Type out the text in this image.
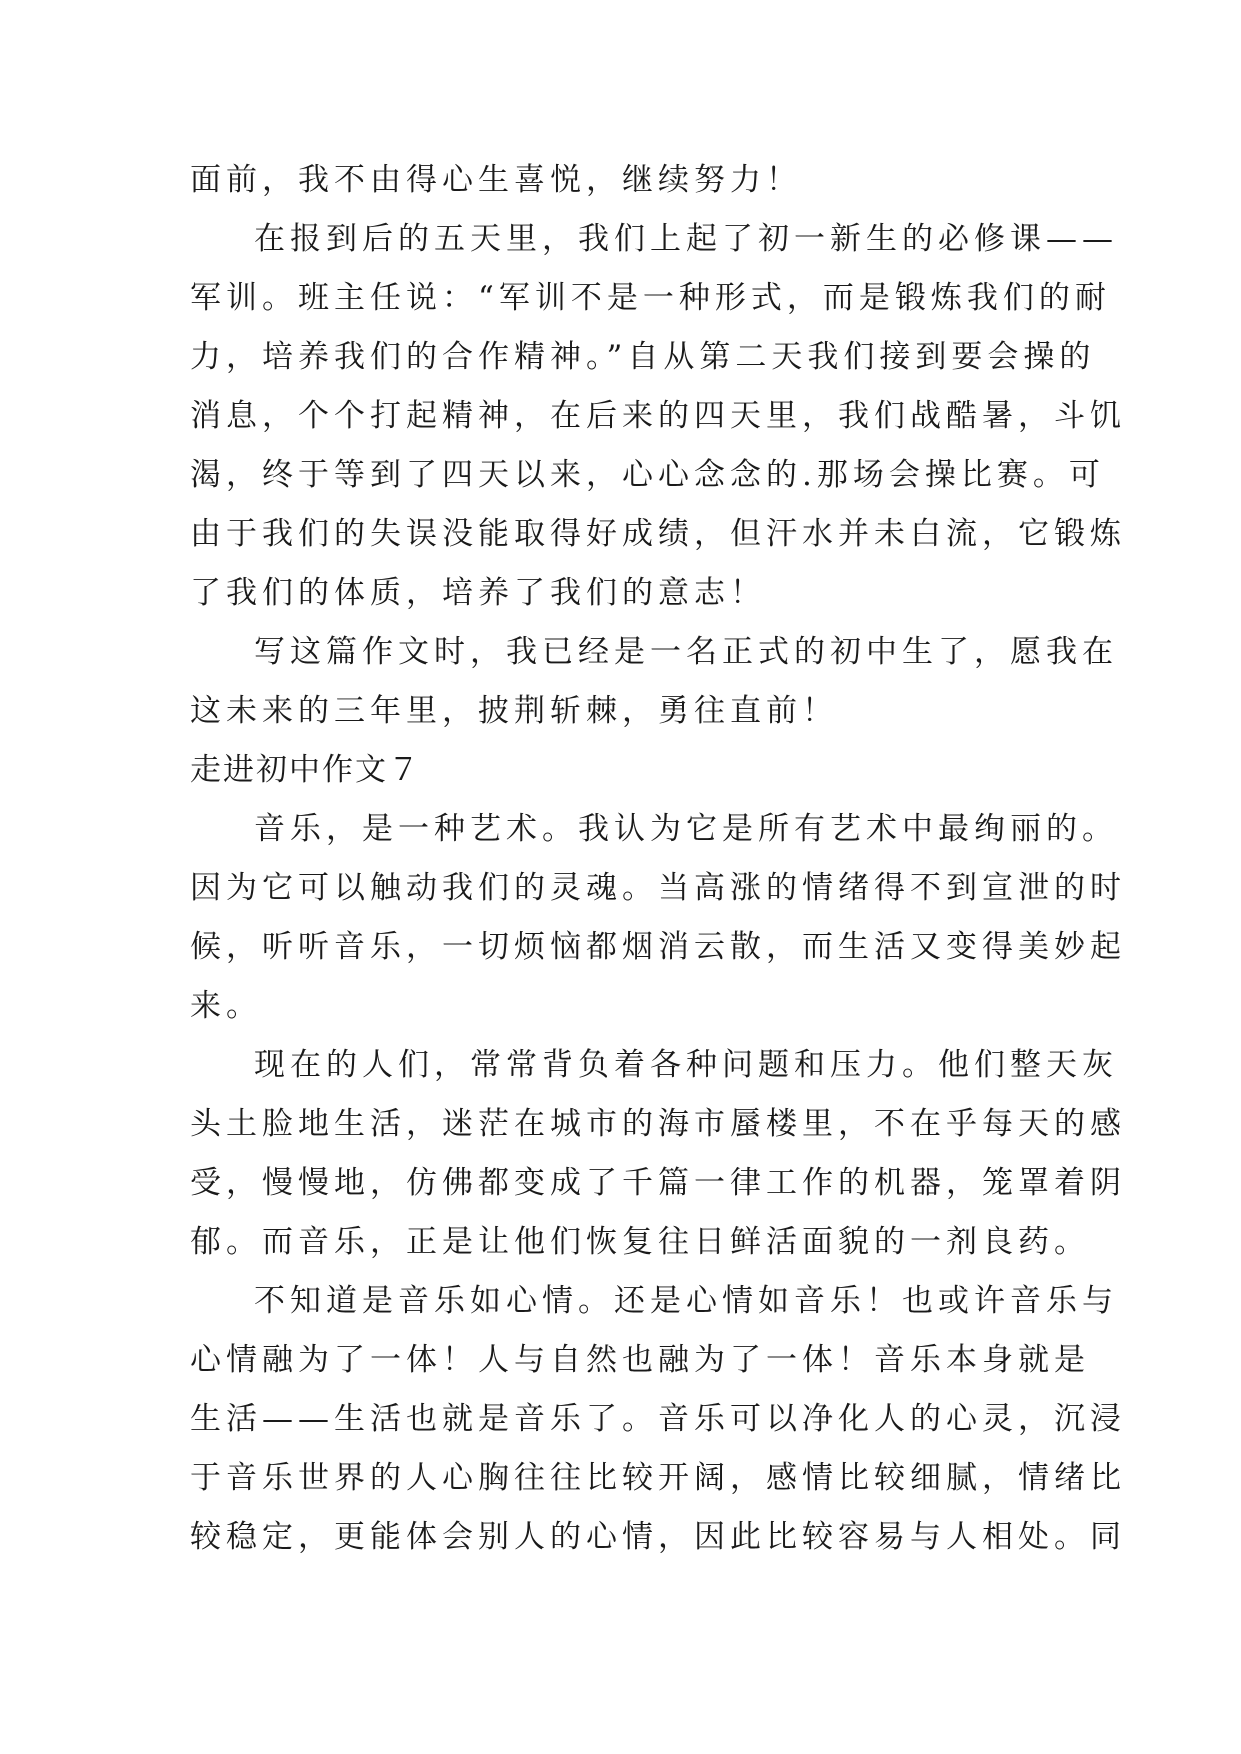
面前，我不由得心生喜悦，继续努力！
在报到后的五天里，我们上起了初一新生的必修课——
军训。班主任说：“军训不是一种形式，而是锻炼我们的耐
力，培养我们的合作精神。”自从第二天我们接到要会操的
消息，个个打起精神，在后来的四天里，我们战酷暑，斗饥
渴，终于等到了四天以来，心心念念的.那场会操比赛。可
由于我们的失误没能取得好成绩，但汗水并未白流，它锻炼
了我们的体质，培养了我们的意志！
写这篇作文时，我已经是一名正式的初中生了，愿我在
这未来的三年里，披荆斩棘，勇往直前！
走进初中作文７
音乐，是一种艺术。我认为它是所有艺术中最绚丽的。
因为它可以触动我们的灵魂。当高涨的情绪得不到宣泄的时
候，听听音乐，一切烦恼都烟消云散，而生活又变得美妙起
来。
现在的人们，常常背负着各种问题和压力。他们整天灰
头土脸地生活，迷茫在城市的海市蜃楼里，不在乎每天的感
受，慢慢地，仿佛都变成了千篇一律工作的机器，笼罩着阴
郁。而音乐，正是让他们恢复往日鲜活面貌的一剂良药。
不知道是音乐如心情。还是心情如音乐！也或许音乐与
心情融为了一体！人与自然也融为了一体！音乐本身就是
生活——生活也就是音乐了。音乐可以净化人的心灵，沉浸
于音乐世界的人心胸往往比较开阔，感情比较细腻，情绪比
较稳定，更能体会别人的心情，因此比较容易与人相处。同
